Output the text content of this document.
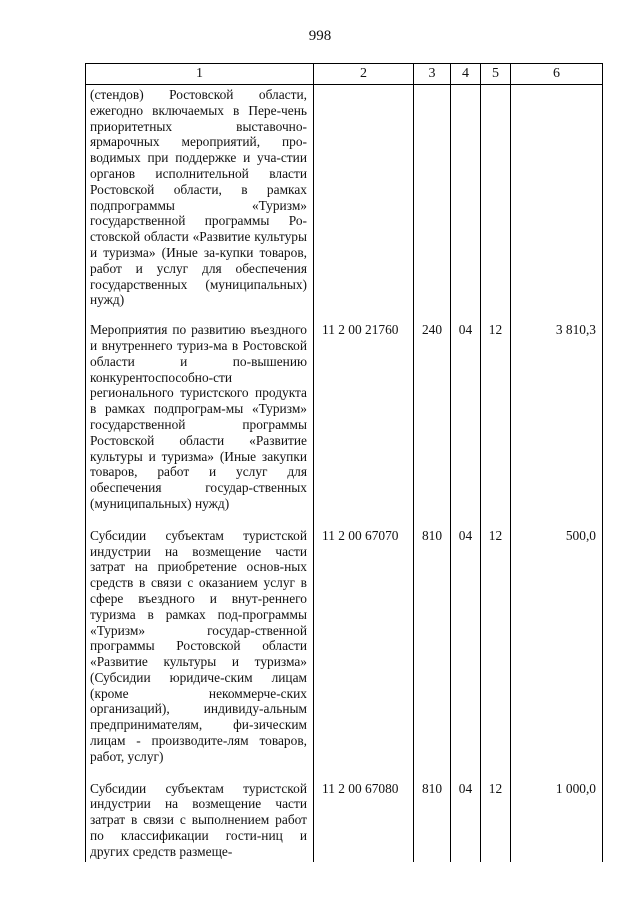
998
1	2	3	4	5	6
(стендов) Ростовской области, ежегодно включаемых в Пере-чень приоритетных выставочно-ярмарочных мероприятий, про-водимых при поддержке и уча-стии органов исполнительной власти Ростовской области, в рамках подпрограммы «Туризм» государственной программы Ро-стовской области «Развитие культуры и туризма» (Иные за-купки товаров, работ и услуг для обеспечения государственных (муниципальных) нужд)					
Мероприятия по развитию въездного и внутреннего туриз-ма в Ростовской области и по-вышению конкурентоспособно-сти регионального туристского продукта в рамках подпрограм-мы «Туризм» государственной программы Ростовской области «Развитие культуры и туризма» (Иные закупки товаров, работ и услуг для обеспечения государ-ственных (муниципальных) нужд)	11 2 00 21760	240	04	12	3 810,3
Субсидии субъектам туристской индустрии на возмещение части затрат на приобретение основ-ных средств в связи с оказанием услуг в сфере въездного и внут-реннего туризма в рамках под-программы «Туризм» государ-ственной программы Ростовской области «Развитие культуры и туризма» (Субсидии юридиче-ским лицам (кроме некоммерче-ских организаций), индивиду-альным предпринимателям, фи-зическим лицам - производите-лям товаров, работ, услуг)	11 2 00 67070	810	04	12	500,0
Субсидии субъектам туристской индустрии на возмещение части затрат в связи с выполнением работ по классификации гости-ниц и других средств размеще-	11 2 00 67080	810	04	12	1 000,0
